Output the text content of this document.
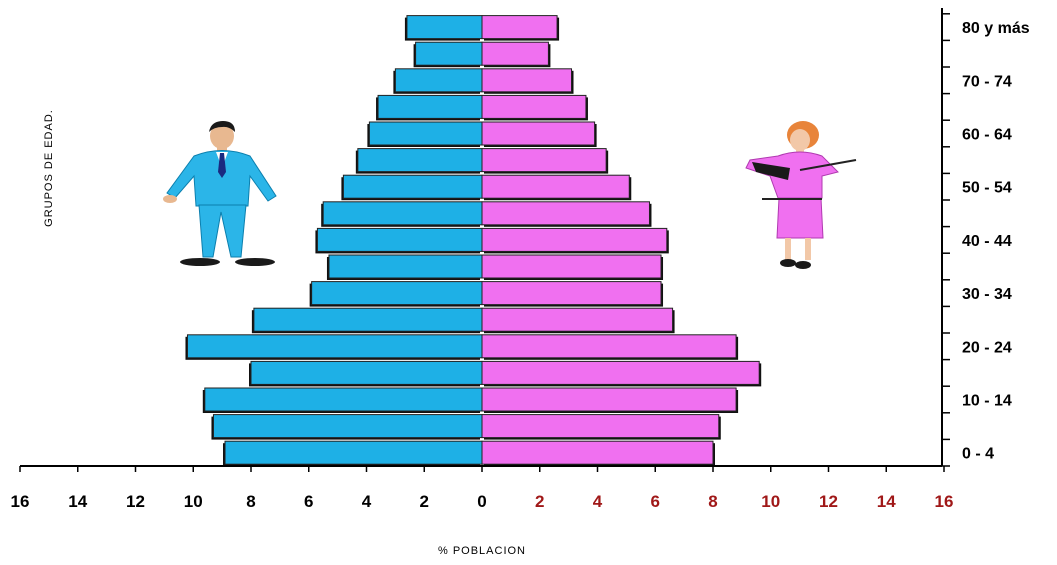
16 14 12 10	8	6	4	2	0	2	4	6	8	10 12 14 16
0 - 4
10 - 14
20 - 24
30 - 34
40 - 44
50 - 54
60 - 64
70 - 74
80 y más
% POBLACION
GRUPOS DE EDAD.
